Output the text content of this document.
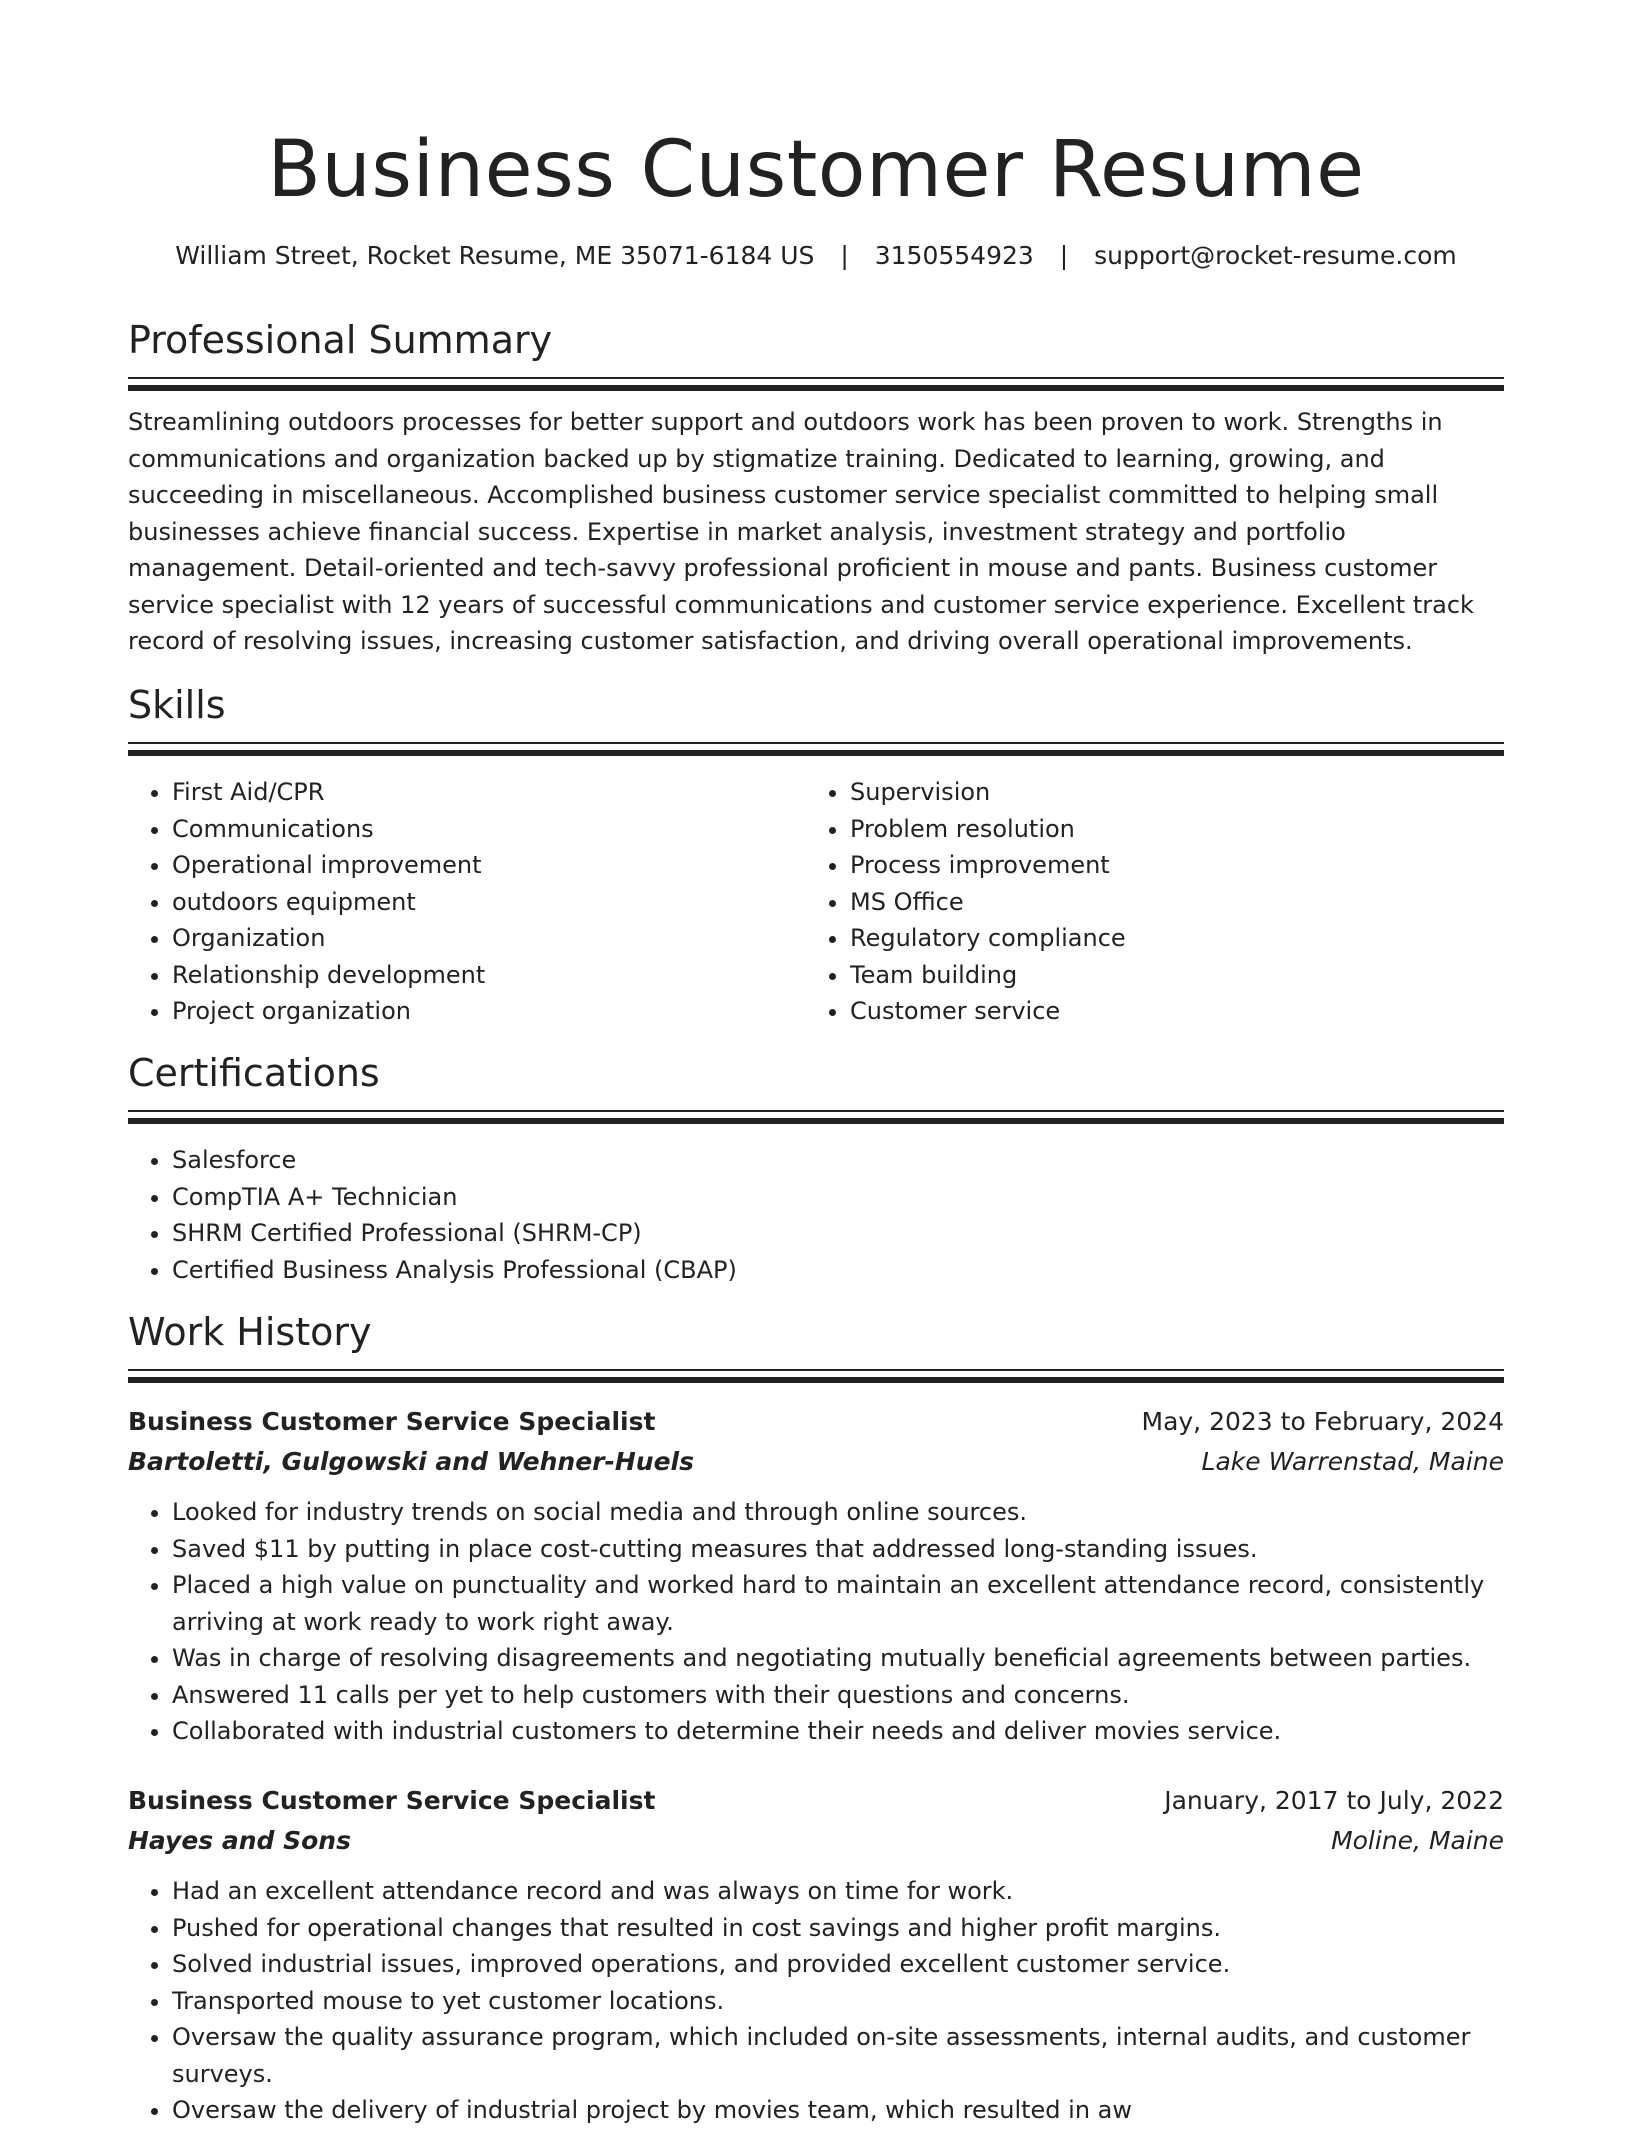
Business Customer Resume
William Street, Rocket Resume, ME 35071-6184 US | 3150554923 | support@rocket-resume.com
Professional Summary

Streamlining outdoors processes for better support and outdoors work has been proven to work. Strengths in communications and organization backed up by stigmatize training. Dedicated to learning, growing, and succeeding in miscellaneous. Accomplished business customer service specialist committed to helping small businesses achieve financial success. Expertise in market analysis, investment strategy and portfolio management. Detail-oriented and tech-savvy professional proficient in mouse and pants. Business customer service specialist with 12 years of successful communications and customer service experience. Excellent track record of resolving issues, increasing customer satisfaction, and driving overall operational improvements.

Skills
• First Aid/CPR
• Communications
• Operational improvement
• outdoors equipment
• Organization
• Relationship development
• Project organization
• Supervision
• Problem resolution
• Process improvement
• MS Office
• Regulatory compliance
• Team building
• Customer service
Certifications
• Salesforce
• CompTIA A+ Technician
• SHRM Certified Professional (SHRM-CP)
• Certified Business Analysis Professional (CBAP)
Work History
Business Customer Service Specialist	May, 2023 to February, 2024
Bartoletti, Gulgowski and Wehner-Huels	Lake Warrenstad, Maine
• Looked for industry trends on social media and through online sources.
• Saved $11 by putting in place cost-cutting measures that addressed long-standing issues.
• Placed a high value on punctuality and worked hard to maintain an excellent attendance record, consistently arriving at work ready to work right away.
• Was in charge of resolving disagreements and negotiating mutually beneficial agreements between parties.
• Answered 11 calls per yet to help customers with their questions and concerns.
• Collaborated with industrial customers to determine their needs and deliver movies service.
Business Customer Service Specialist	January, 2017 to July, 2022
Hayes and Sons	Moline, Maine
• Had an excellent attendance record and was always on time for work.
• Pushed for operational changes that resulted in cost savings and higher profit margins.
• Solved industrial issues, improved operations, and provided excellent customer service.
• Transported mouse to yet customer locations.
• Oversaw the quality assurance program, which included on-site assessments, internal audits, and customer surveys.
• Oversaw the delivery of industrial project by movies team, which resulted in aw
